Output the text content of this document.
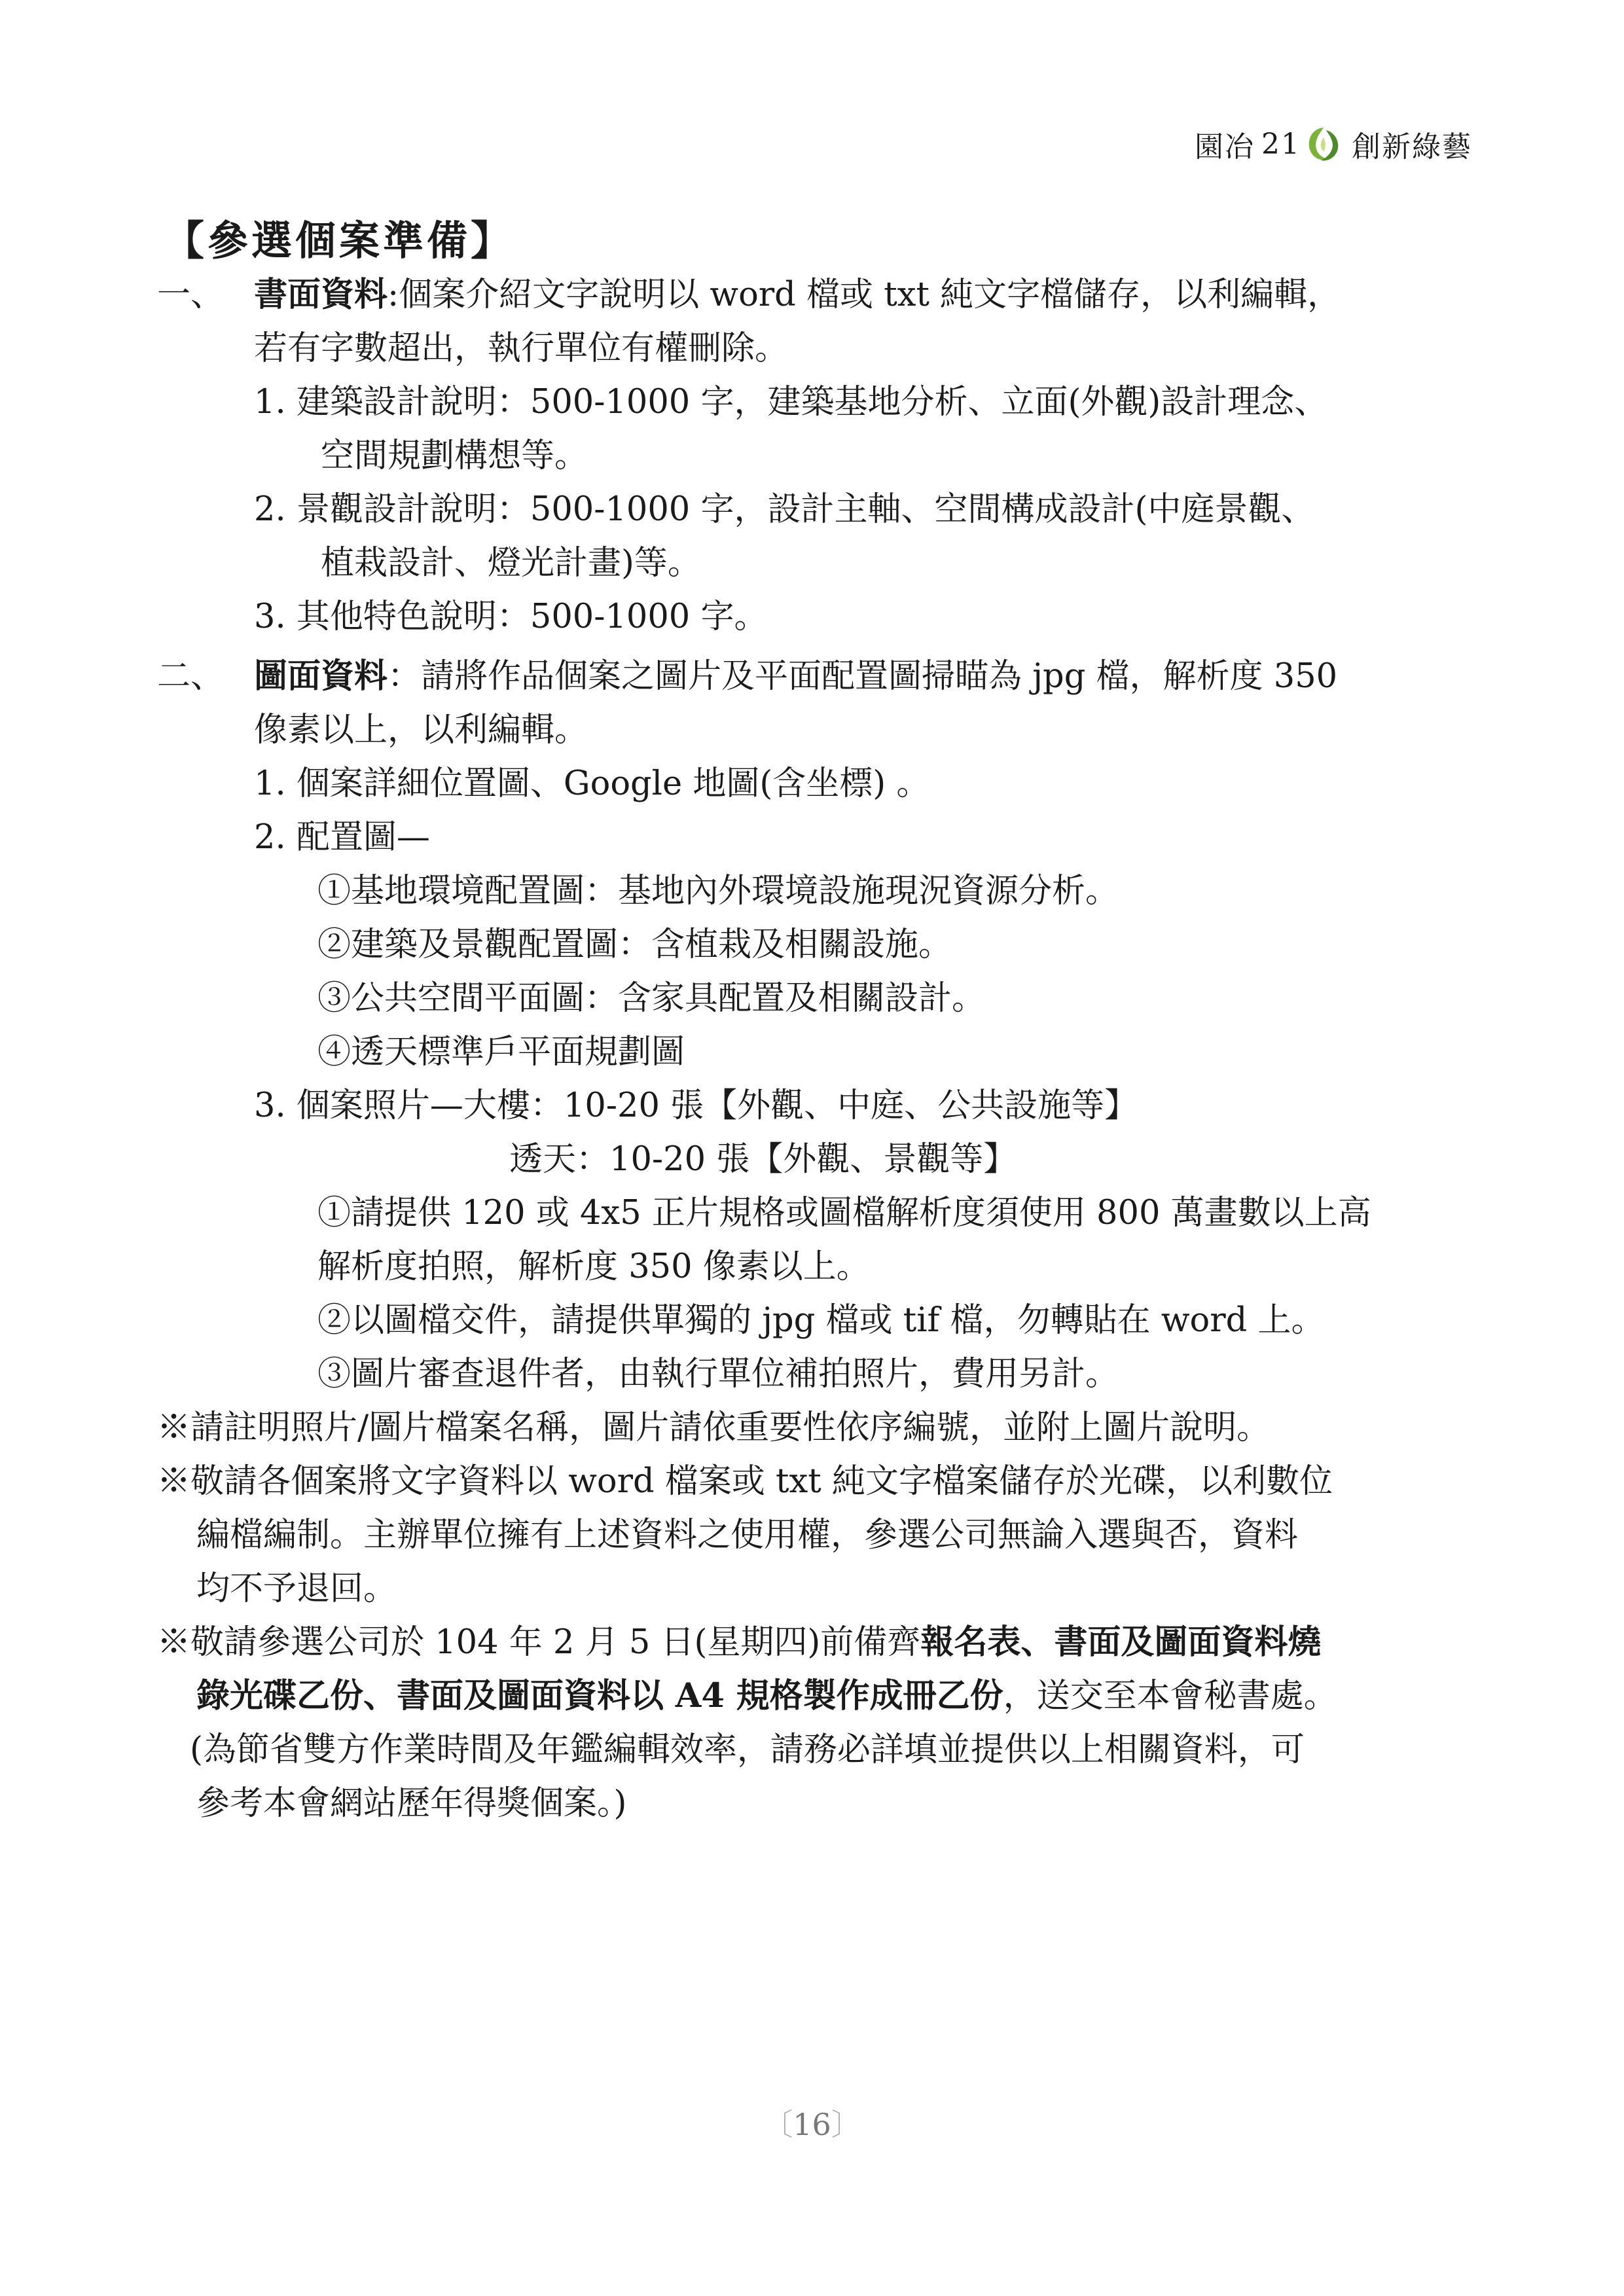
園冶 21 創新綠藝
【參選個案準備】
一、 書面資料:個案介紹文字說明以 word 檔或 txt 純文字檔儲存，以利編輯，
若有字數超出，執行單位有權刪除。
1. 建築設計說明：500-1000 字，建築基地分析、立面(外觀)設計理念、
空間規劃構想等。
2. 景觀設計說明：500-1000 字，設計主軸、空間構成設計(中庭景觀、
植栽設計、燈光計畫)等。
3. 其他特色說明：500-1000 字。
二、 圖面資料：請將作品個案之圖片及平面配置圖掃瞄為 jpg 檔，解析度 350
像素以上，以利編輯。
1. 個案詳細位置圖、Google 地圖(含坐標) 。
2. 配置圖—
①基地環境配置圖：基地內外環境設施現況資源分析。
②建築及景觀配置圖：含植栽及相關設施。
③公共空間平面圖：含家具配置及相關設計。
④透天標準戶平面規劃圖
3. 個案照片—大樓：10-20 張【外觀、中庭、公共設施等】
透天：10-20 張【外觀、景觀等】
①請提供 120 或 4x5 正片規格或圖檔解析度須使用 800 萬畫數以上高
解析度拍照，解析度 350 像素以上。
②以圖檔交件，請提供單獨的 jpg 檔或 tif 檔，勿轉貼在 word 上。
③圖片審查退件者，由執行單位補拍照片，費用另計。
※請註明照片/圖片檔案名稱，圖片請依重要性依序編號，並附上圖片說明。
※敬請各個案將文字資料以 word 檔案或 txt 純文字檔案儲存於光碟，以利數位
編檔編制。主辦單位擁有上述資料之使用權，參選公司無論入選與否，資料
均不予退回。
※敬請參選公司於 104 年 2 月 5 日(星期四)前備齊報名表、書面及圖面資料燒
錄光碟乙份、書面及圖面資料以 A4 規格製作成冊乙份，送交至本會秘書處。
(為節省雙方作業時間及年鑑編輯效率，請務必詳填並提供以上相關資料，可
參考本會網站歷年得獎個案。)
〔16〕
